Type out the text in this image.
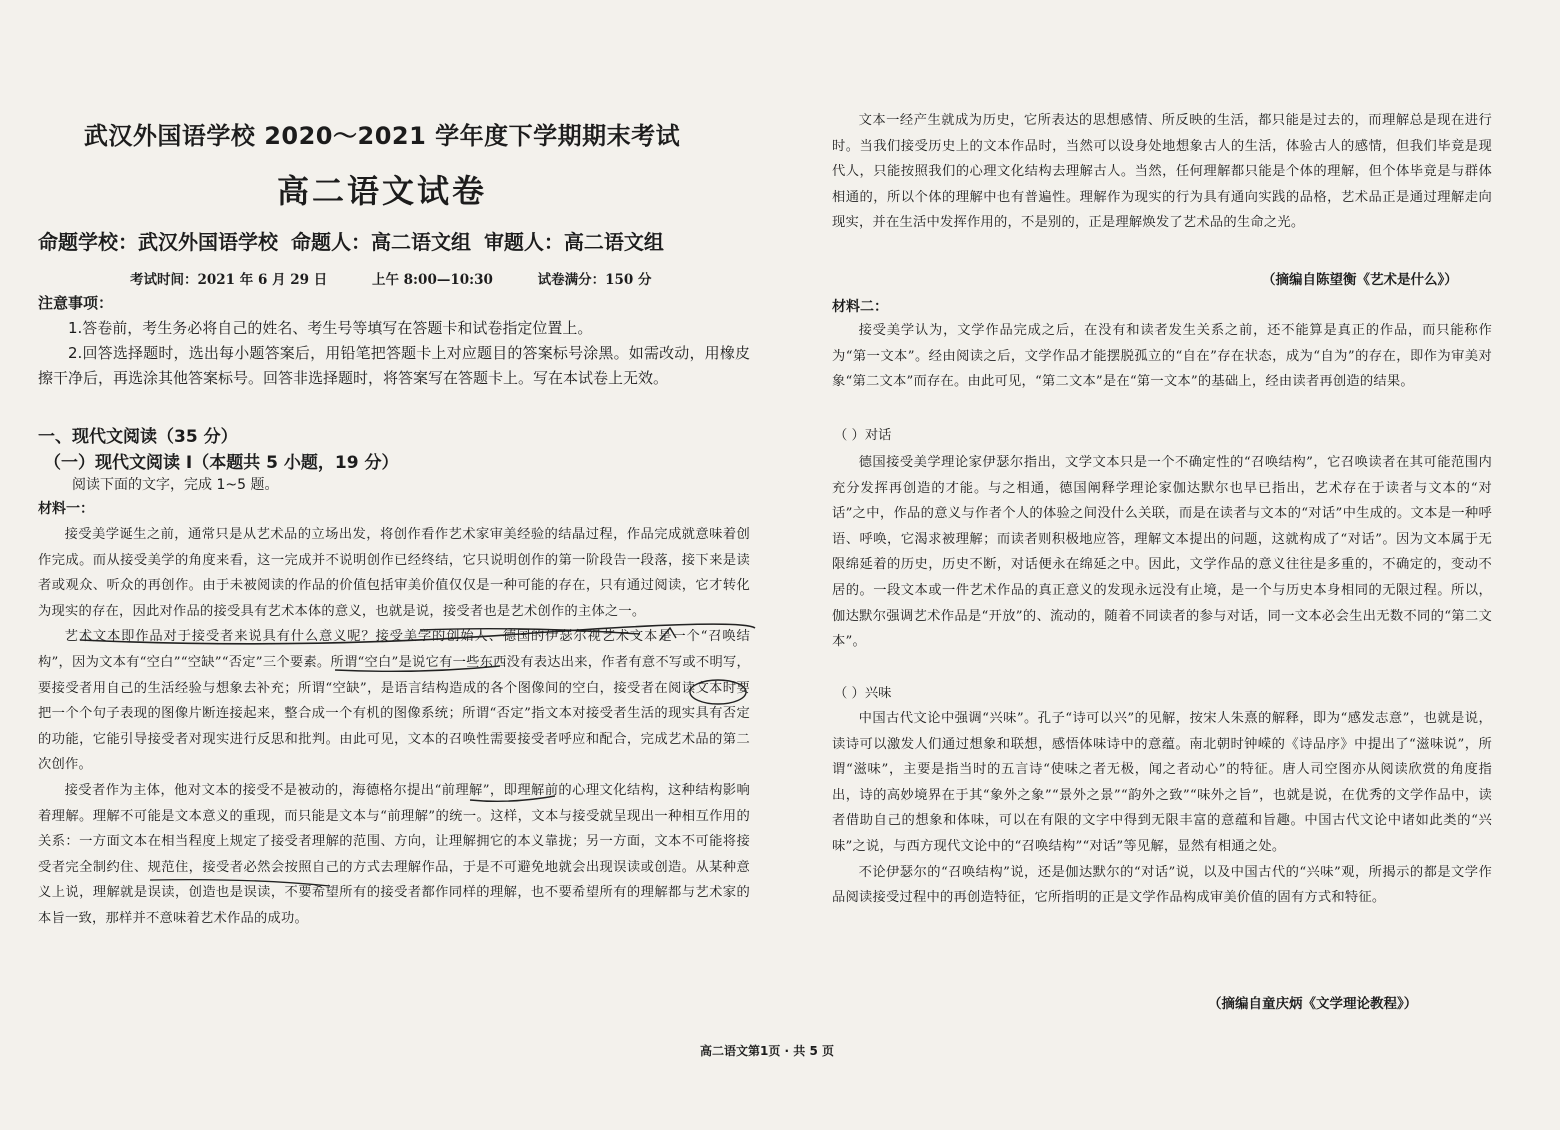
武汉外国语学校 2020～2021 学年度下学期期末考试
高二语文试卷
命题学校：武汉外国语学校 命题人：高二语文组 审题人：高二语文组
考试时间：2021 年 6 月 29 日	上午 8:00—10:30	试卷满分：150 分
注意事项：

1.答卷前，考生务必将自己的姓名、考生号等填写在答题卡和试卷指定位置上。

2.回答选择题时，选出每小题答案后，用铅笔把答题卡上对应题目的答案标号涂黑。如需改动，用橡皮擦干净后，再选涂其他答案标号。回答非选择题时，将答案写在答题卡上。写在本试卷上无效。

一、现代文阅读（35 分）
（一）现代文阅读 Ⅰ（本题共 5 小题，19 分）
阅读下面的文字，完成 1~5 题。
材料一：

接受美学诞生之前，通常只是从艺术品的立场出发，将创作看作艺术家审美经验的结晶过程，作品完成就意味着创作完成。而从接受美学的角度来看，这一完成并不说明创作已经终结，它只说明创作的第一阶段告一段落，接下来是读者或观众、听众的再创作。由于未被阅读的作品的价值包括审美价值仅仅是一种可能的存在，只有通过阅读，它才转化为现实的存在，因此对作品的接受具有艺术本体的意义，也就是说，接受者也是艺术创作的主体之一。

艺术文本即作品对于接受者来说具有什么意义呢？接受美学的创始人、德国的伊瑟尔视艺术文本是一个“召唤结构”，因为文本有“空白”“空缺”“否定”三个要素。所谓“空白”是说它有一些东西没有表达出来，作者有意不写或不明写，要接受者用自己的生活经验与想象去补充；所谓“空缺”，是语言结构造成的各个图像间的空白，接受者在阅读文本时要把一个个句子表现的图像片断连接起来，整合成一个有机的图像系统；所谓“否定”指文本对接受者生活的现实具有否定的功能，它能引导接受者对现实进行反思和批判。由此可见，文本的召唤性需要接受者呼应和配合，完成艺术品的第二次创作。

接受者作为主体，他对文本的接受不是被动的，海德格尔提出“前理解”，即理解前的心理文化结构，这种结构影响着理解。理解不可能是文本意义的重现，而只能是文本与“前理解”的统一。这样，文本与接受就呈现出一种相互作用的关系：一方面文本在相当程度上规定了接受者理解的范围、方向，让理解拥它的本义靠拢；另一方面，文本不可能将接受者完全制约住、规范住，接受者必然会按照自己的方式去理解作品，于是不可避免地就会出现误读或创造。从某种意义上说，理解就是误读，创造也是误读，不要希望所有的接受者都作同样的理解，也不要希望所有的理解都与艺术家的本旨一致，那样并不意味着艺术作品的成功。

文本一经产生就成为历史，它所表达的思想感情、所反映的生活，都只能是过去的，而理解总是现在进行时。当我们接受历史上的文本作品时，当然可以设身处地想象古人的生活，体验古人的感情，但我们毕竟是现代人，只能按照我们的心理文化结构去理解古人。当然，任何理解都只能是个体的理解，但个体毕竟是与群体相通的，所以个体的理解中也有普遍性。理解作为现实的行为具有通向实践的品格，艺术品正是通过理解走向现实，并在生活中发挥作用的，不是别的，正是理解焕发了艺术品的生命之光。

（摘编自陈望衡《艺术是什么》）
材料二：

接受美学认为，文学作品完成之后，在没有和读者发生关系之前，还不能算是真正的作品，而只能称作为“第一文本”。经由阅读之后，文学作品才能摆脱孤立的“自在”存在状态，成为“自为”的存在，即作为审美对象“第二文本”而存在。由此可见，“第二文本”是在“第一文本”的基础上，经由读者再创造的结果。

（ ）对话

德国接受美学理论家伊瑟尔指出，文学文本只是一个不确定性的“召唤结构”，它召唤读者在其可能范围内充分发挥再创造的才能。与之相通，德国阐释学理论家伽达默尔也早已指出，艺术存在于读者与文本的“对话”之中，作品的意义与作者个人的体验之间没什么关联，而是在读者与文本的“对话”中生成的。文本是一种呼语、呼唤，它渴求被理解；而读者则积极地应答，理解文本提出的问题，这就构成了“对话”。因为文本属于无限绵延着的历史，历史不断，对话便永在绵延之中。因此，文学作品的意义往往是多重的，不确定的，变动不居的。一段文本或一件艺术作品的真正意义的发现永远没有止境，是一个与历史本身相同的无限过程。所以，伽达默尔强调艺术作品是“开放”的、流动的，随着不同读者的参与对话，同一文本必会生出无数不同的“第二文本”。

（ ）兴味

中国古代文论中强调“兴味”。孔子“诗可以兴”的见解，按宋人朱熹的解释，即为“感发志意”，也就是说，读诗可以激发人们通过想象和联想，感悟体味诗中的意蕴。南北朝时钟嵘的《诗品序》中提出了“滋味说”，所谓“滋味”，主要是指当时的五言诗“使味之者无极，闻之者动心”的特征。唐人司空图亦从阅读欣赏的角度指出，诗的高妙境界在于其“象外之象”“景外之景”“韵外之致”“味外之旨”，也就是说，在优秀的文学作品中，读者借助自己的想象和体味，可以在有限的文字中得到无限丰富的意蕴和旨趣。中国古代文论中诸如此类的“兴味”之说，与西方现代文论中的“召唤结构”“对话”等见解，显然有相通之处。

不论伊瑟尔的“召唤结构”说，还是伽达默尔的“对话”说，以及中国古代的“兴味”观，所揭示的都是文学作品阅读接受过程中的再创造特征，它所指明的正是文学作品构成审美价值的固有方式和特征。

（摘编自童庆炳《文学理论教程》）
高二语文第1页 · 共 5 页
